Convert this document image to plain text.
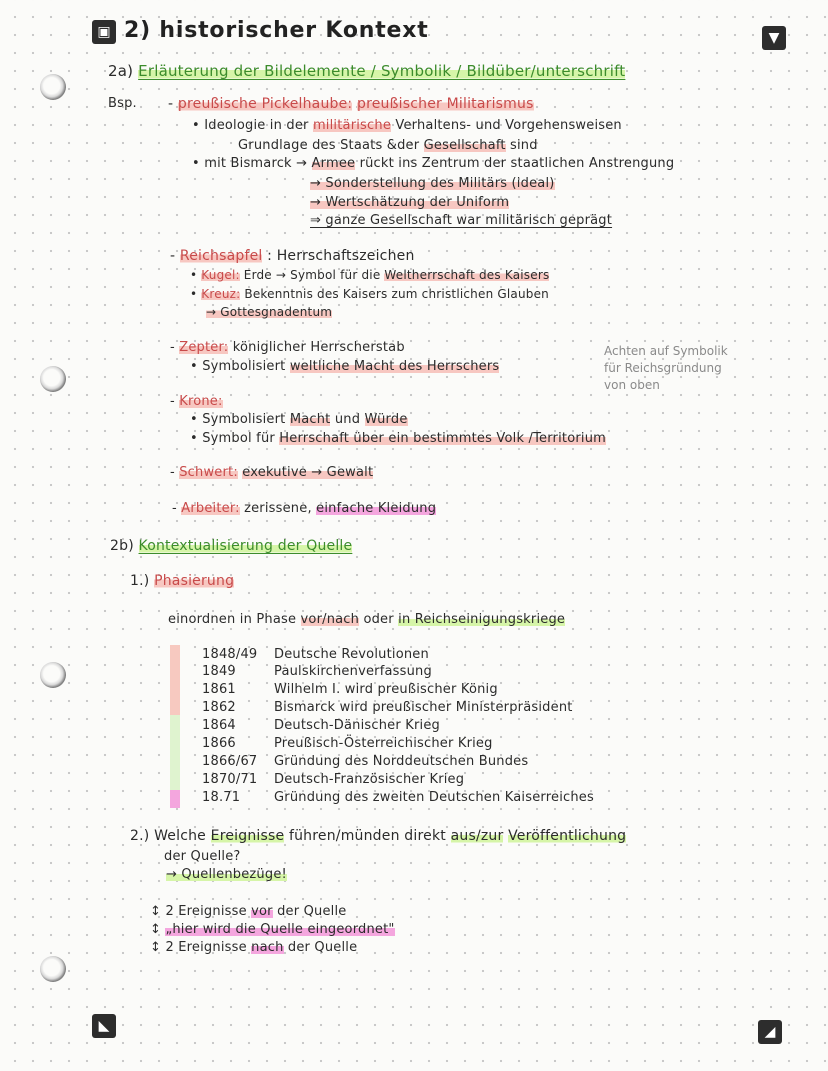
▣	▼
◣	◢
2) historischer Kontext
2a) Erläuterung der Bildelemente / Symbolik / Bildüber/unterschrift
Bsp. - preußische Pickelhaube: preußischer Militarismus
• Ideologie in der militärische Verhaltens- und Vorgehensweisen
Grundlage des Staats &der Gesellschaft sind
• mit Bismarck → Armee rückt ins Zentrum der staatlichen Anstrengung
→ Sonderstellung des Militärs (ideal)
→ Wertschätzung der Uniform
⇒ ganze Gesellschaft war militärisch geprägt
- Reichsapfel : Herrschaftszeichen
• Kugel: Erde → Symbol für die Weltherrschaft des Kaisers
• Kreuz: Bekenntnis des Kaisers zum christlichen Glauben
→ Gottesgnadentum
- Zepter: königlicher Herrscherstab
• Symbolisiert weltliche Macht des Herrschers
Achten auf Symbolik
für Reichsgründung
von oben
- Krone:
• Symbolisiert Macht und Würde
• Symbol für Herrschaft über ein bestimmtes Volk /Territorium
- Schwert: exekutive → Gewalt
- Arbeiter: zerissene, einfache Kleidung
2b) Kontextualisierung der Quelle
1.) Phasierung
einordnen in Phase vor/nach oder in Reichseinigungskriege
1848/49 Deutsche Revolutionen
1849	Paulskirchenverfassung
1861	Wilhelm I. wird preußischer König
1862	Bismarck wird preußischer Ministerpräsident
1864	Deutsch-Dänischer Krieg
1866	Preußisch-Österreichischer Krieg
1866/67 Gründung des Norddeutschen Bundes
1870/71 Deutsch-Französischer Krieg
18.71	Gründung des zweiten Deutschen Kaiserreiches
2.) Welche Ereignisse führen/münden direkt aus/zur Veröffentlichung
der Quelle?
→ Quellenbezüge!
↕ 2 Ereignisse vor der Quelle
↕ „hier wird die Quelle eingeordnet"
↕ 2 Ereignisse nach der Quelle
